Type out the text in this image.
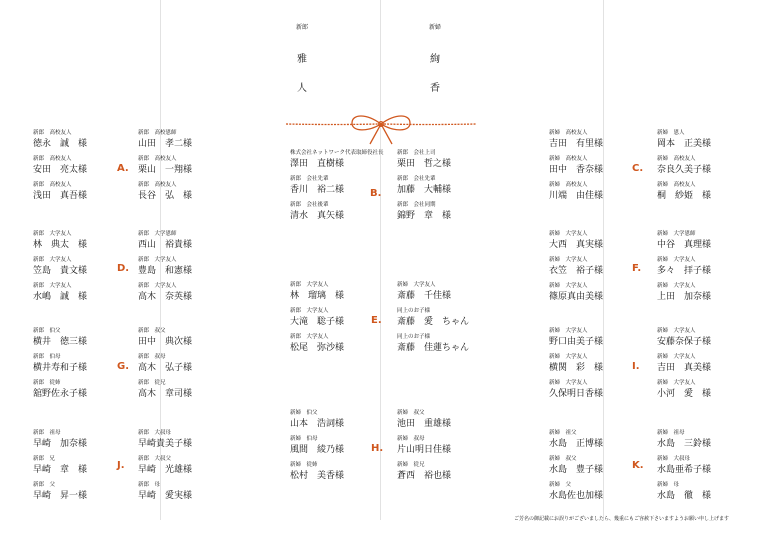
新郎
雅
人
新婦
絢
香
A.
新郎　高校友人
徳永　誠　様
新郎　高校恩師
山田　孝二様
新郎　高校友人
安田　亮太様
新郎　高校友人
栗山　一翔様
新郎　高校友人
浅田　真吾様
新郎　高校友人
長谷　弘　様	B.
株式会社ネットワーク代表取締役社長
澤田　直樹様
新郎　会社上司
栗田　哲之様
新郎　会社先輩
香川　裕二様
新郎　会社先輩
加藤　大輔様
新郎　会社後輩
清水　真矢様
新郎　会社同期
錦野　章　様
C.
新婦　高校友人
吉田　有里様
新婦　恩人
岡本　正美様
新婦　高校友人
田中　香奈様
新婦　高校友人
奈良久美子様
新婦　高校友人
川端　由佳様
新婦　高校友人
桐　紗姫　様
D.
新郎　大学友人
林　典太　様
新郎　大学恩師
西山　裕貴様
新郎　大学友人
笠島　貴文様
新郎　大学友人
豊島　和憲様
新郎　大学友人
水嶋　誠　様
新郎　大学友人
高木　奈英様
E.
新郎　大学友人
林　瑠璃　様
新婦　大学友人
斎藤　千佳様
新郎　大学友人
大滝　聡子様
同上のお子様
斎藤　愛　ちゃん
新郎　大学友人
松尾　弥沙様
同上のお子様
斎藤　佳蓮ちゃん
F.
新婦　大学友人
大西　真実様
新婦　大学恩師
中谷　真理様
新婦　大学友人
衣笠　裕子様
新婦　大学友人
多々　拝子様
新婦　大学友人
篠原真由美様
新婦　大学友人
上田　加奈様
G.
新郎　伯父
横井　徳三様
新郎　叔父
田中　典次様
新郎　伯母
横井寿和子様
新郎　叔母
高木　弘子様
新郎　従姉
舘野佐永子様
新郎　従兄
高木　章司様
H.
新婦　伯父
山本　浩詞様
新婦　叔父
池田　重雄様
新婦　伯母
風間　綾乃様
新婦　叔母
片山明日佳様
新婦　従姉
松村　美香様
新婦　従兄
蒼西　裕也様
I.
新婦　大学友人
野口由美子様
新婦　大学友人
安藤奈保子様
新婦　大学友人
横関　彩　様
新婦　大学友人
吉田　真美様
新婦　大学友人
久保明日香様
新婦　大学友人
小河　愛　様
J.
新郎　祖母
早崎　加奈様
新郎　大叔母
早崎貴美子様
新郎　兄
早崎　章　様
新郎　大叔父
早崎　光雄様
新郎　父
早崎　昇一様
新郎　母
早崎　愛実様
K.
新婦　祖父
水島　正博様
新婦　祖母
水島　三鈴様
新婦　叔父
水島　豊子様
新婦　大叔母
水島亜希子様
新婦　父
水島佐也加様
新婦　母
水島　徹　様
ご芳名の御記載にお誤りがございましたら、幾重にもご容赦下さいますようお願い申し上げます
